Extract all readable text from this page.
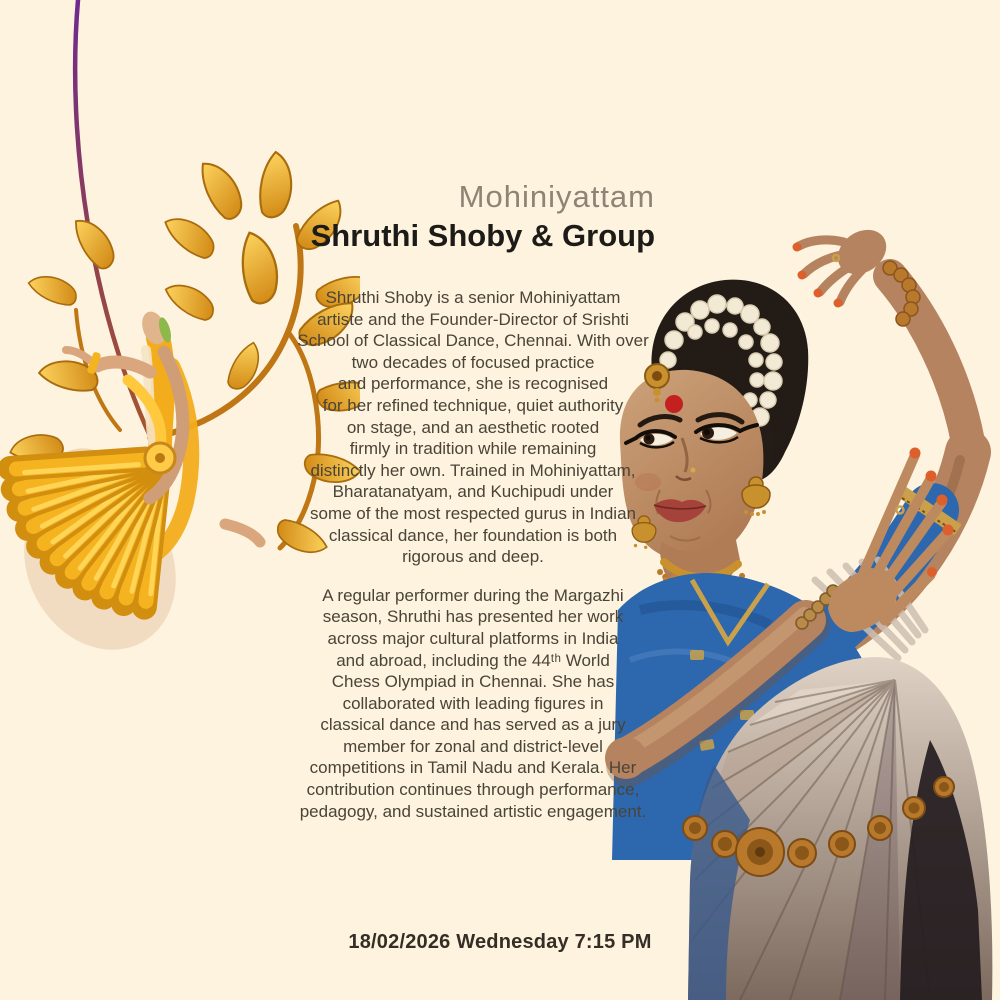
Mohiniyattam
Shruthi Shoby & Group

Shruthi Shoby is a senior Mohiniyattam
artiste and the Founder-Director of Srishti
School of Classical Dance, Chennai. With over
two decades of focused practice
and performance, she is recognised
for her refined technique, quiet authority
on stage, and an aesthetic rooted
firmly in tradition while remaining
distinctly her own. Trained in Mohiniyattam,
Bharatanatyam, and Kuchipudi under
some of the most respected gurus in Indian
classical dance, her foundation is both
rigorous and deep.

A regular performer during the Margazhi
season, Shruthi has presented her work
across major cultural platforms in India
and abroad, including the 44ᵗʰ World
Chess Olympiad in Chennai. She has
collaborated with leading figures in
classical dance and has served as a jury
member for zonal and district-level
competitions in Tamil Nadu and Kerala. Her
contribution continues through performance,
pedagogy, and sustained artistic engagement.

18/02/2026 Wednesday 7:15 PM
